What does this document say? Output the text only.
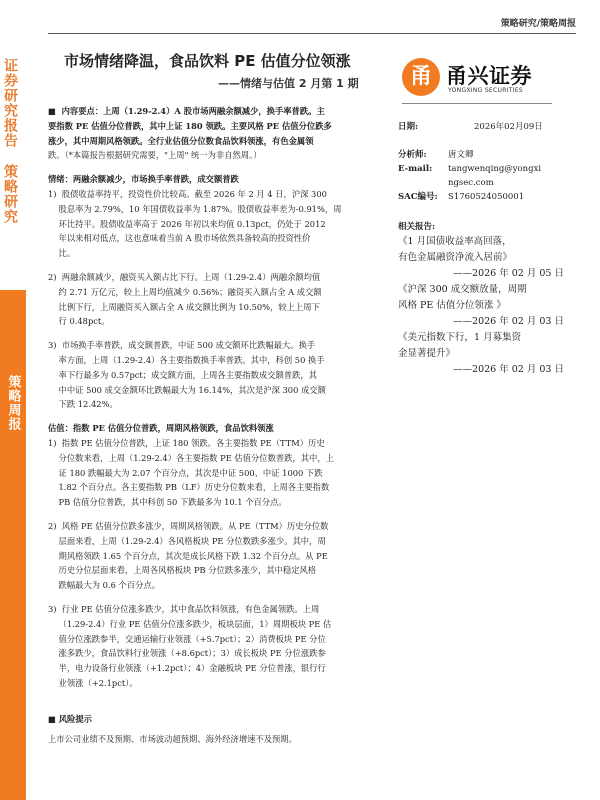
策略研究/策略周报
证券研究报告
策略研究
策略周报
市场情绪降温，食品饮料 PE 估值分位领涨
——情绪与估值 2 月第 1 期	甬 甬兴证券
YONGXING SECURITIES

■  内容要点：上周（1.29-2.4）A 股市场两融余额减少，换手率普跌。主

要指数 PE 估值分位普跌，其中上证 180 领跌。主要风格 PE 估值分位跌多

涨少，其中周期风格领跌。全行业估值分位数食品饮料领涨，有色金属领

跌。（*本篇报告根据研究需要，"上周" 统一为非自然周。）

情绪：两融余额减少，市场换手率普跌，成交额普跌

1)  股债收益率持平，投资性价比较高。截至 2026 年 2 月 4 日，沪深 300

股息率为 2.79%，10 年国债收益率为 1.87%。股债收益率差为-0.91%，周

环比持平。股债收益率高于 2026 年初以来均值 0.13pct，仍处于 2012

年以来相对低点，这也意味着当前 A 股市场依然具备较高的投资性价

比。

2)  两融余额减少，融资买入额占比下行。上周（1.29-2.4）两融余额均值

约 2.71 万亿元，较上上周均值减少 0.56%；融资买入额占全 A 成交额

比例下行，上周融资买入额占全 A 成交额比例为 10.50%，较上上周下

行 0.48pct。

3)  市场换手率普跌，成交额普跌，中证 500 成交额环比跌幅最大。换手

率方面，上周（1.29-2.4）各主要指数换手率普跌。其中，科创 50 换手

率下行最多为 0.57pct；成交额方面，上周各主要指数成交额普跌，其

中中证 500 成交金额环比跌幅最大为 16.14%，其次是沪深 300 成交额

下跌 12.42%。

估值：指数 PE 估值分位普跌，周期风格领跌，食品饮料领涨

1)  指数 PE 估值分位普跌，上证 180 领跌。各主要指数 PE（TTM）历史

分位数来看，上周（1.29-2.4）各主要指数 PE 估值分位数普跌，其中，上

证 180 跌幅最大为 2.07 个百分点，其次是中证 500、中证 1000 下跌

1.82 个百分点。各主要指数 PB（LF）历史分位数来看，上周各主要指数

PB 估值分位普跌，其中科创 50 下跌最多为 10.1 个百分点。

2)  风格 PE 估值分位跌多涨少，周期风格领跌。从 PE（TTM）历史分位数

层面来看，上周（1.29-2.4）各风格板块 PE 分位数跌多涨少。其中，周

期风格领跌 1.65 个百分点，其次是成长风格下跌 1.32 个百分点。从 PE

历史分位层面来看，上周各风格板块 PB 分位跌多涨少，其中稳定风格

跌幅最大为 0.6 个百分点。

3)  行业 PE 估值分位涨多跌少，其中食品饮料领涨，有色金属领跌。上周

（1.29-2.4）行业 PE 估值分位涨多跌少，板块层面，1）周期板块 PE 估

值分位涨跌参半，交通运输行业领涨（+5.7pct）；2）消费板块 PE 分位

涨多跌少，食品饮料行业领涨（+8.6pct）；3）成长板块 PE 分位涨跌参

半，电力设备行业领涨（+1.2pct）；4）金融板块 PE 分位普涨，银行行

业领涨（+2.1pct）。

日期:	2026年02月09日
分析师:	唐文卿
E-mail:	tangwenqing@yongxi
ngsec.com
SAC编号:	S1760524050001
相关报告:
《1 月国债收益率高回落，
有色金属融资净流入居前》
——2026 年 02 月 05 日
《沪深 300 成交额放量，周期
风格 PE 估值分位领涨 》
——2026 年 02 月 03 日
《美元指数下行，1 月募集资
金显著提升》
——2026 年 02 月 03 日
■ 风险提示
上市公司业绩不及预期、市场波动超预期、海外经济增速不及预期。
